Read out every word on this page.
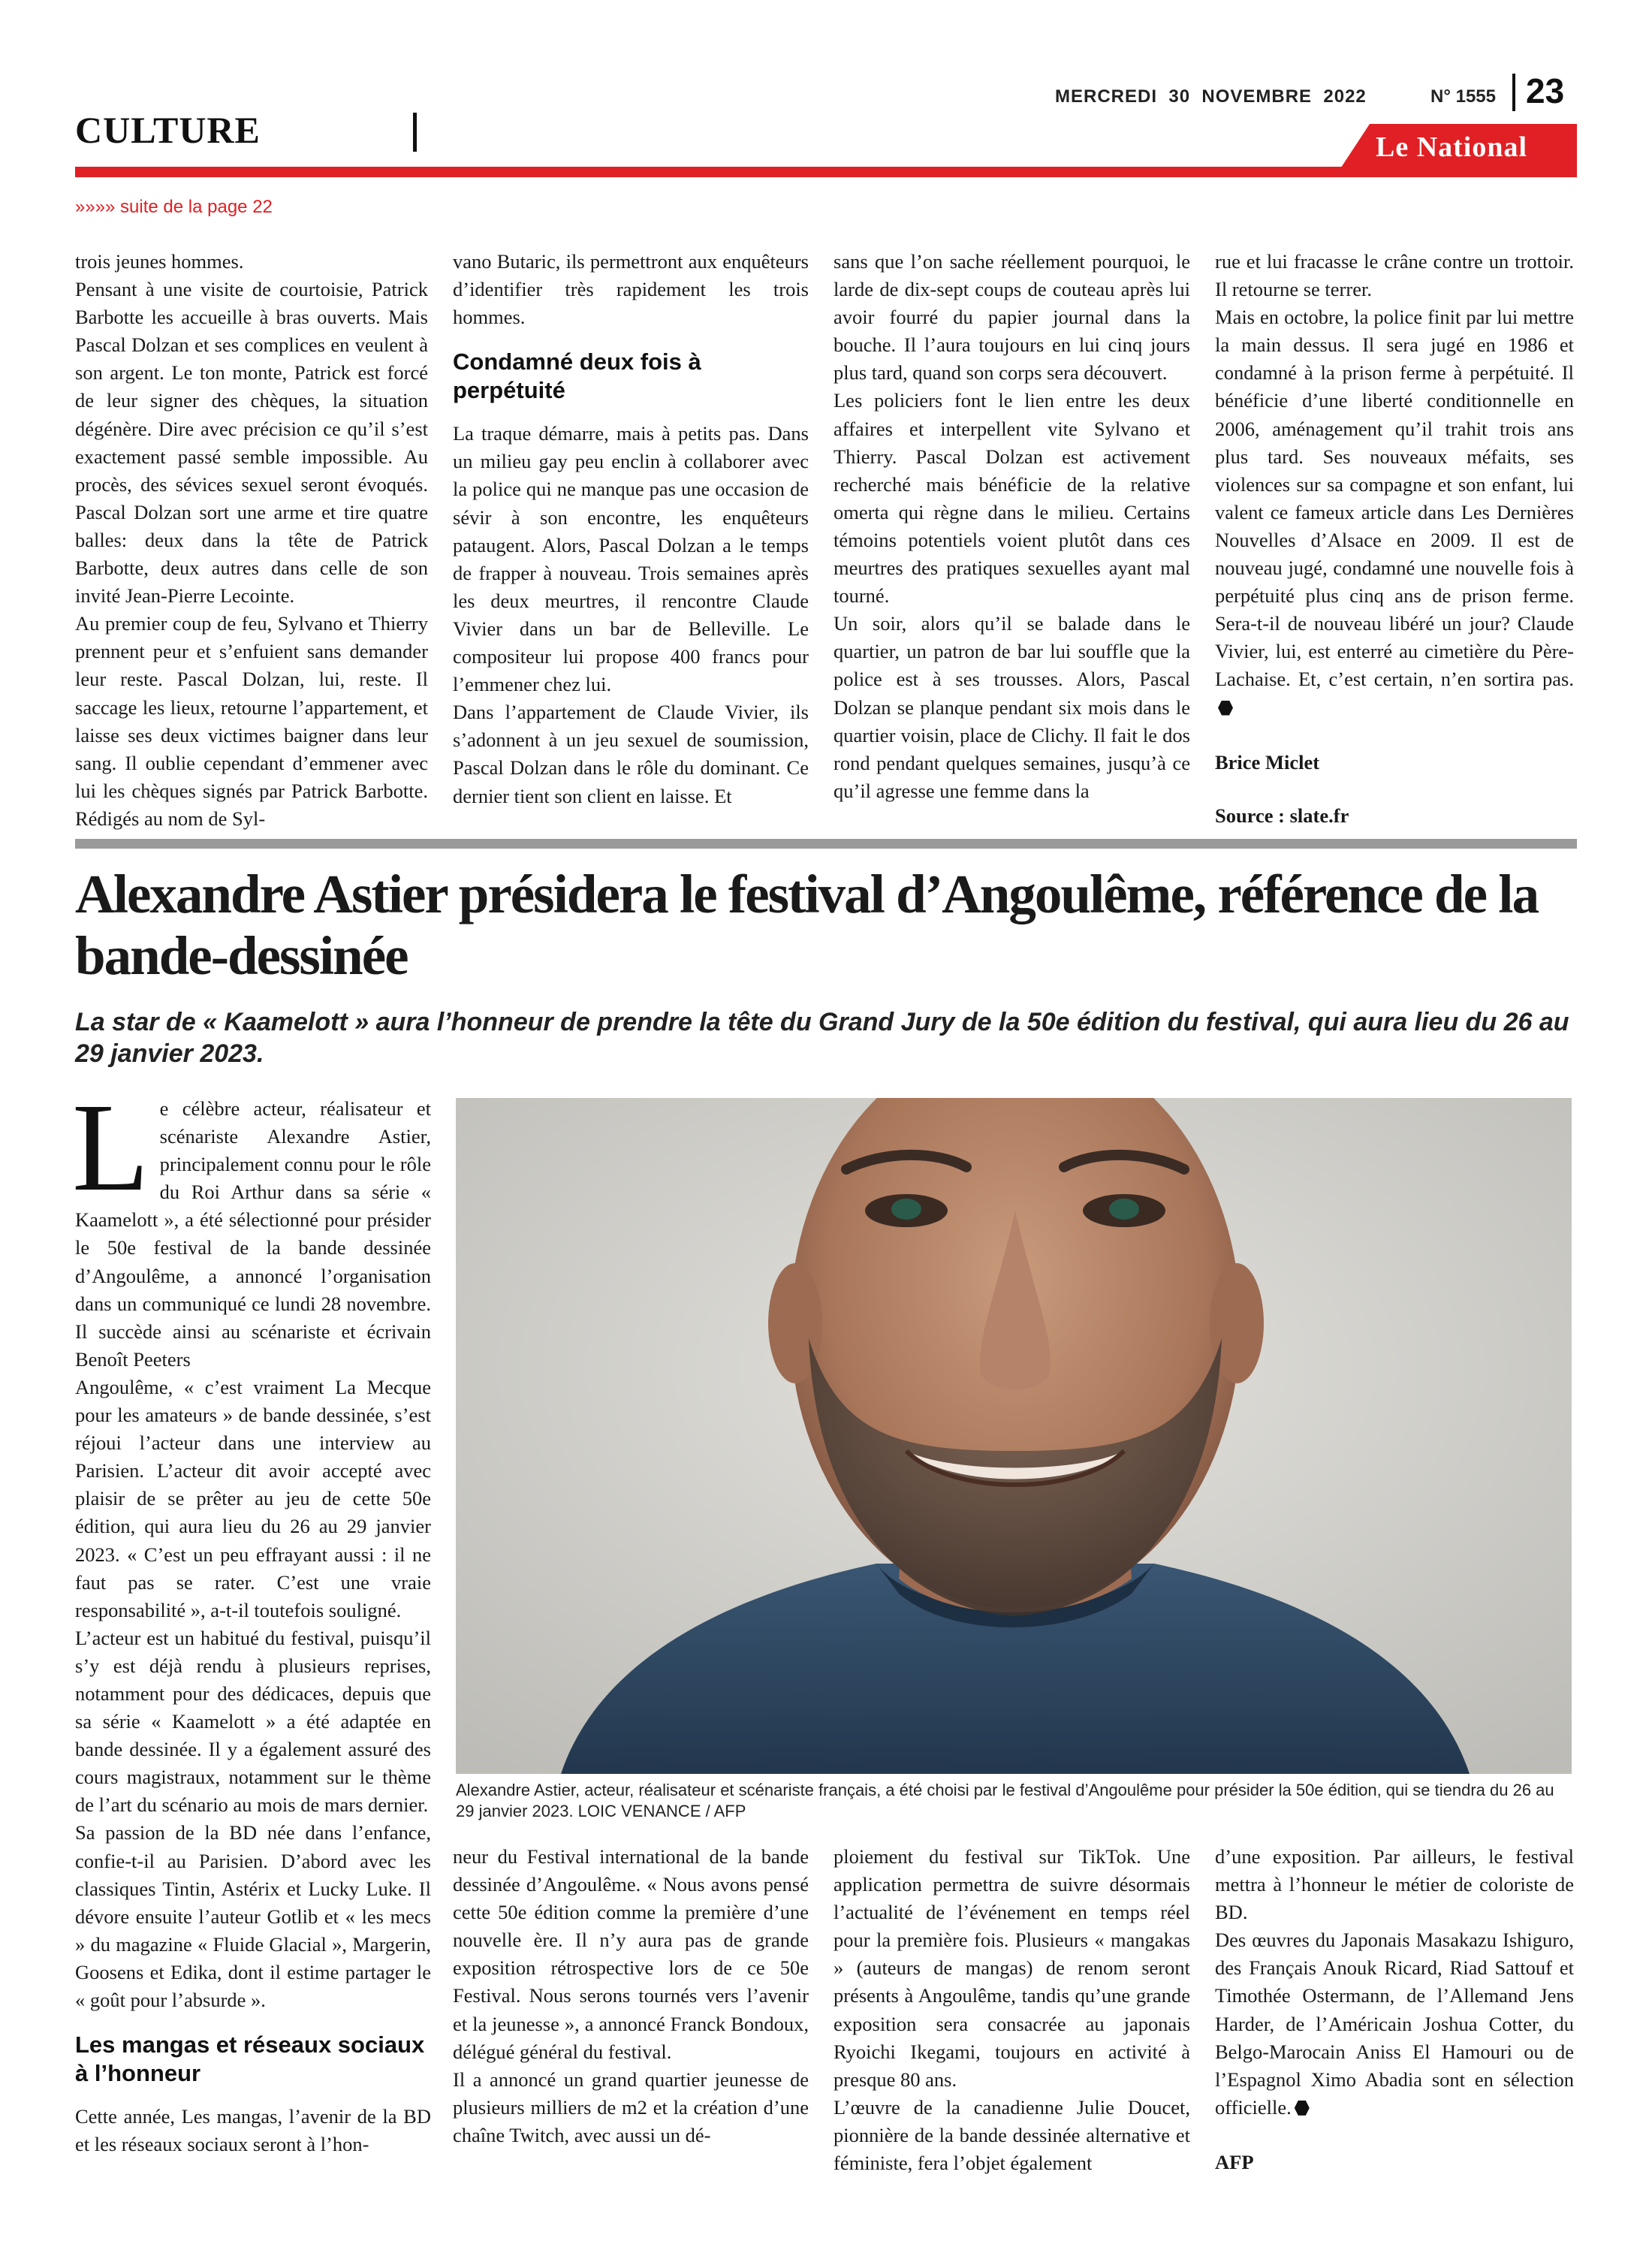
CULTURE
MERCREDI  30  NOVEMBRE  2022	N° 1555 23
Le National
»»»» suite de la page 22

trois jeunes hommes.

Pensant à une visite de courtoisie, Patrick Barbotte les accueille à bras ouverts. Mais Pascal Dolzan et ses complices en veulent à son argent. Le ton monte, Patrick est forcé de leur signer des chèques, la situation dégénère. Dire avec précision ce qu’il s’est exactement passé semble impossible. Au procès, des sévices sexuel seront évoqués. Pascal Dolzan sort une arme et tire quatre balles: deux dans la tête de Patrick Barbotte, deux autres dans celle de son invité Jean-Pierre Lecointe.

Au premier coup de feu, Sylvano et Thierry prennent peur et s’enfuient sans demander leur reste. Pascal Dolzan, lui, reste. Il saccage les lieux, retourne l’appartement, et laisse ses deux victimes baigner dans leur sang. Il oublie cependant d’emmener avec lui les chèques signés par Patrick Barbotte. Rédigés au nom de Syl-

vano Butaric, ils permettront aux enquêteurs d’identifier très rapidement les trois hommes.

Condamné deux fois à perpétuité

La traque démarre, mais à petits pas. Dans un milieu gay peu enclin à collaborer avec la police qui ne manque pas une occasion de sévir à son encontre, les enquêteurs pataugent. Alors, Pascal Dolzan a le temps de frapper à nouveau. Trois semaines après les deux meurtres, il rencontre Claude Vivier dans un bar de Belleville. Le compositeur lui propose 400 francs pour l’emmener chez lui.

Dans l’appartement de Claude Vivier, ils s’adonnent à un jeu sexuel de soumission, Pascal Dolzan dans le rôle du dominant. Ce dernier tient son client en laisse. Et

sans que l’on sache réellement pourquoi, le larde de dix-sept coups de couteau après lui avoir fourré du papier journal dans la bouche. Il l’aura toujours en lui cinq jours plus tard, quand son corps sera découvert.

Les policiers font le lien entre les deux affaires et interpellent vite Sylvano et Thierry. Pascal Dolzan est activement recherché mais bénéficie de la relative omerta qui règne dans le milieu. Certains témoins potentiels voient plutôt dans ces meurtres des pratiques sexuelles ayant mal tourné.

Un soir, alors qu’il se balade dans le quartier, un patron de bar lui souffle que la police est à ses trousses. Alors, Pascal Dolzan se planque pendant six mois dans le quartier voisin, place de Clichy. Il fait le dos rond pendant quelques semaines, jusqu’à ce qu’il agresse une femme dans la

rue et lui fracasse le crâne contre un trottoir. Il retourne se terrer.

Mais en octobre, la police finit par lui mettre la main dessus. Il sera jugé en 1986 et condamné à la prison ferme à perpétuité. Il bénéficie d’une liberté conditionnelle en 2006, aménagement qu’il trahit trois ans plus tard. Ses nouveaux méfaits, ses violences sur sa compagne et son enfant, lui valent ce fameux article dans Les Dernières Nouvelles d’Alsace en 2009. Il est de nouveau jugé, condamné une nouvelle fois à perpétuité plus cinq ans de prison ferme. Sera-t-il de nouveau libéré un jour? Claude Vivier, lui, est enterré au cimetière du Père-Lachaise. Et, c’est certain, n’en sortira pas.

Brice Miclet
Source : slate.fr
Alexandre Astier présidera le festival d’Angoulême, référence de la bande-dessinée
La star de « Kaamelott » aura l’honneur de prendre la tête du Grand Jury de la 50e édition du festival, qui aura lieu du 26 au 29 janvier 2023.

Le célèbre acteur, réalisateur et scénariste Alexandre Astier, principalement connu pour le rôle du Roi Arthur dans sa série « Kaamelott », a été sélectionné pour présider le 50e festival de la bande dessinée d’Angoulême, a annoncé l’organisation dans un communiqué ce lundi 28 novembre. Il succède ainsi au scénariste et écrivain Benoît Peeters

Angoulême, « c’est vraiment La Mecque pour les amateurs » de bande dessinée, s’est réjoui l’acteur dans une interview au Parisien. L’acteur dit avoir accepté avec plaisir de se prêter au jeu de cette 50e édition, qui aura lieu du 26 au 29 janvier 2023. « C’est un peu effrayant aussi : il ne faut pas se rater. C’est une vraie responsabilité », a-t-il toutefois souligné.

L’acteur est un habitué du festival, puisqu’il s’y est déjà rendu à plusieurs reprises, notamment pour des dédicaces, depuis que sa série « Kaamelott » a été adaptée en bande dessinée. Il y a également assuré des cours magistraux, notamment sur le thème de l’art du scénario au mois de mars dernier.

Sa passion de la BD née dans l’enfance, confie-t-il au Parisien. D’abord avec les classiques Tintin, Astérix et Lucky Luke. Il dévore ensuite l’auteur Gotlib et « les mecs » du magazine « Fluide Glacial », Margerin, Goosens et Edika, dont il estime partager le « goût pour l’absurde ».

Les mangas et réseaux sociaux à l’honneur

Cette année, Les mangas, l’avenir de la BD et les réseaux sociaux seront à l’hon-

Alexandre Astier, acteur, réalisateur et scénariste français, a été choisi par le festival d’Angoulême pour présider la 50e édition, qui se tiendra du 26 au 29 janvier 2023. LOIC VENANCE / AFP

neur du Festival international de la bande dessinée d’Angoulême. « Nous avons pensé cette 50e édition comme la première d’une nouvelle ère. Il n’y aura pas de grande exposition rétrospective lors de ce 50e Festival. Nous serons tournés vers l’avenir et la jeunesse », a annoncé Franck Bondoux, délégué général du festival.

Il a annoncé un grand quartier jeunesse de plusieurs milliers de m2 et la création d’une chaîne Twitch, avec aussi un dé-

ploiement du festival sur TikTok. Une application permettra de suivre désormais l’actualité de l’événement en temps réel pour la première fois. Plusieurs « mangakas » (auteurs de mangas) de renom seront présents à Angoulême, tandis qu’une grande exposition sera consacrée au japonais Ryoichi Ikegami, toujours en activité à presque 80 ans.

L’œuvre de la canadienne Julie Doucet, pionnière de la bande dessinée alternative et féministe, fera l’objet également

d’une exposition. Par ailleurs, le festival mettra à l’honneur le métier de coloriste de BD.

Des œuvres du Japonais Masakazu Ishiguro, des Français Anouk Ricard, Riad Sattouf et Timothée Ostermann, de l’Allemand Jens Harder, de l’Américain Joshua Cotter, du Belgo-Marocain Aniss El Hamouri ou de l’Espagnol Ximo Abadia sont en sélection officielle.

AFP
